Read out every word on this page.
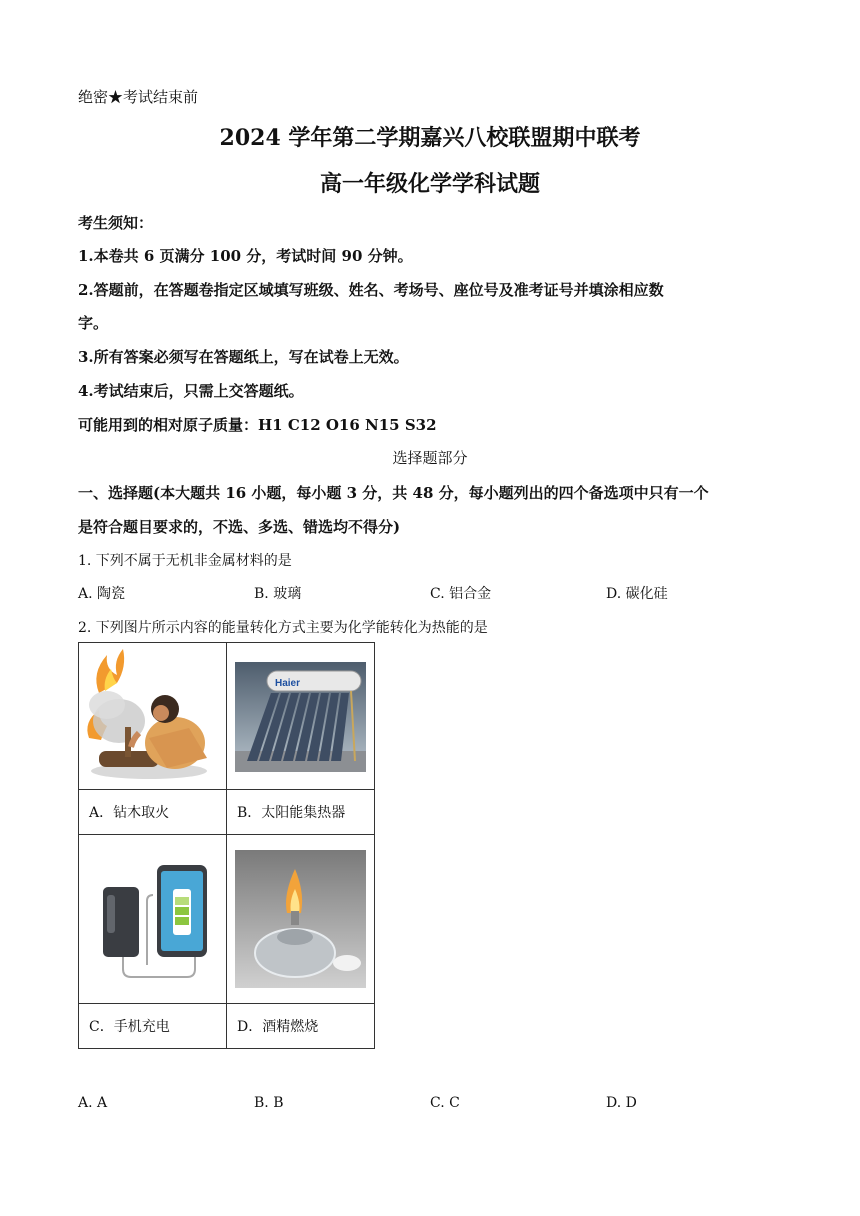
绝密★考试结束前
2024 学年第二学期嘉兴八校联盟期中联考
高一年级化学学科试题
考生须知：
1.本卷共 6 页满分 100 分，考试时间 90 分钟。
2.答题前，在答题卷指定区域填写班级、姓名、考场号、座位号及准考证号并填涂相应数
字。
3.所有答案必须写在答题纸上，写在试卷上无效。
4.考试结束后，只需上交答题纸。
可能用到的相对原子质量：H1 C12 O16 N15 S32
选择题部分
一、选择题(本大题共 16 小题，每小题 3 分，共 48 分，每小题列出的四个备选项中只有一个
是符合题目要求的，不选、多选、错选均不得分)
1. 下列不属于无机非金属材料的是
A. 陶瓷	B. 玻璃	C. 铝合金	D. 碳化硅
2. 下列图片所示内容的能量转化方式主要为化学能转化为热能的是

Haier

A．钻木取火	B．太阳能集热器

C．手机充电	D．酒精燃烧
A. A	B. B	C. C	D. D
